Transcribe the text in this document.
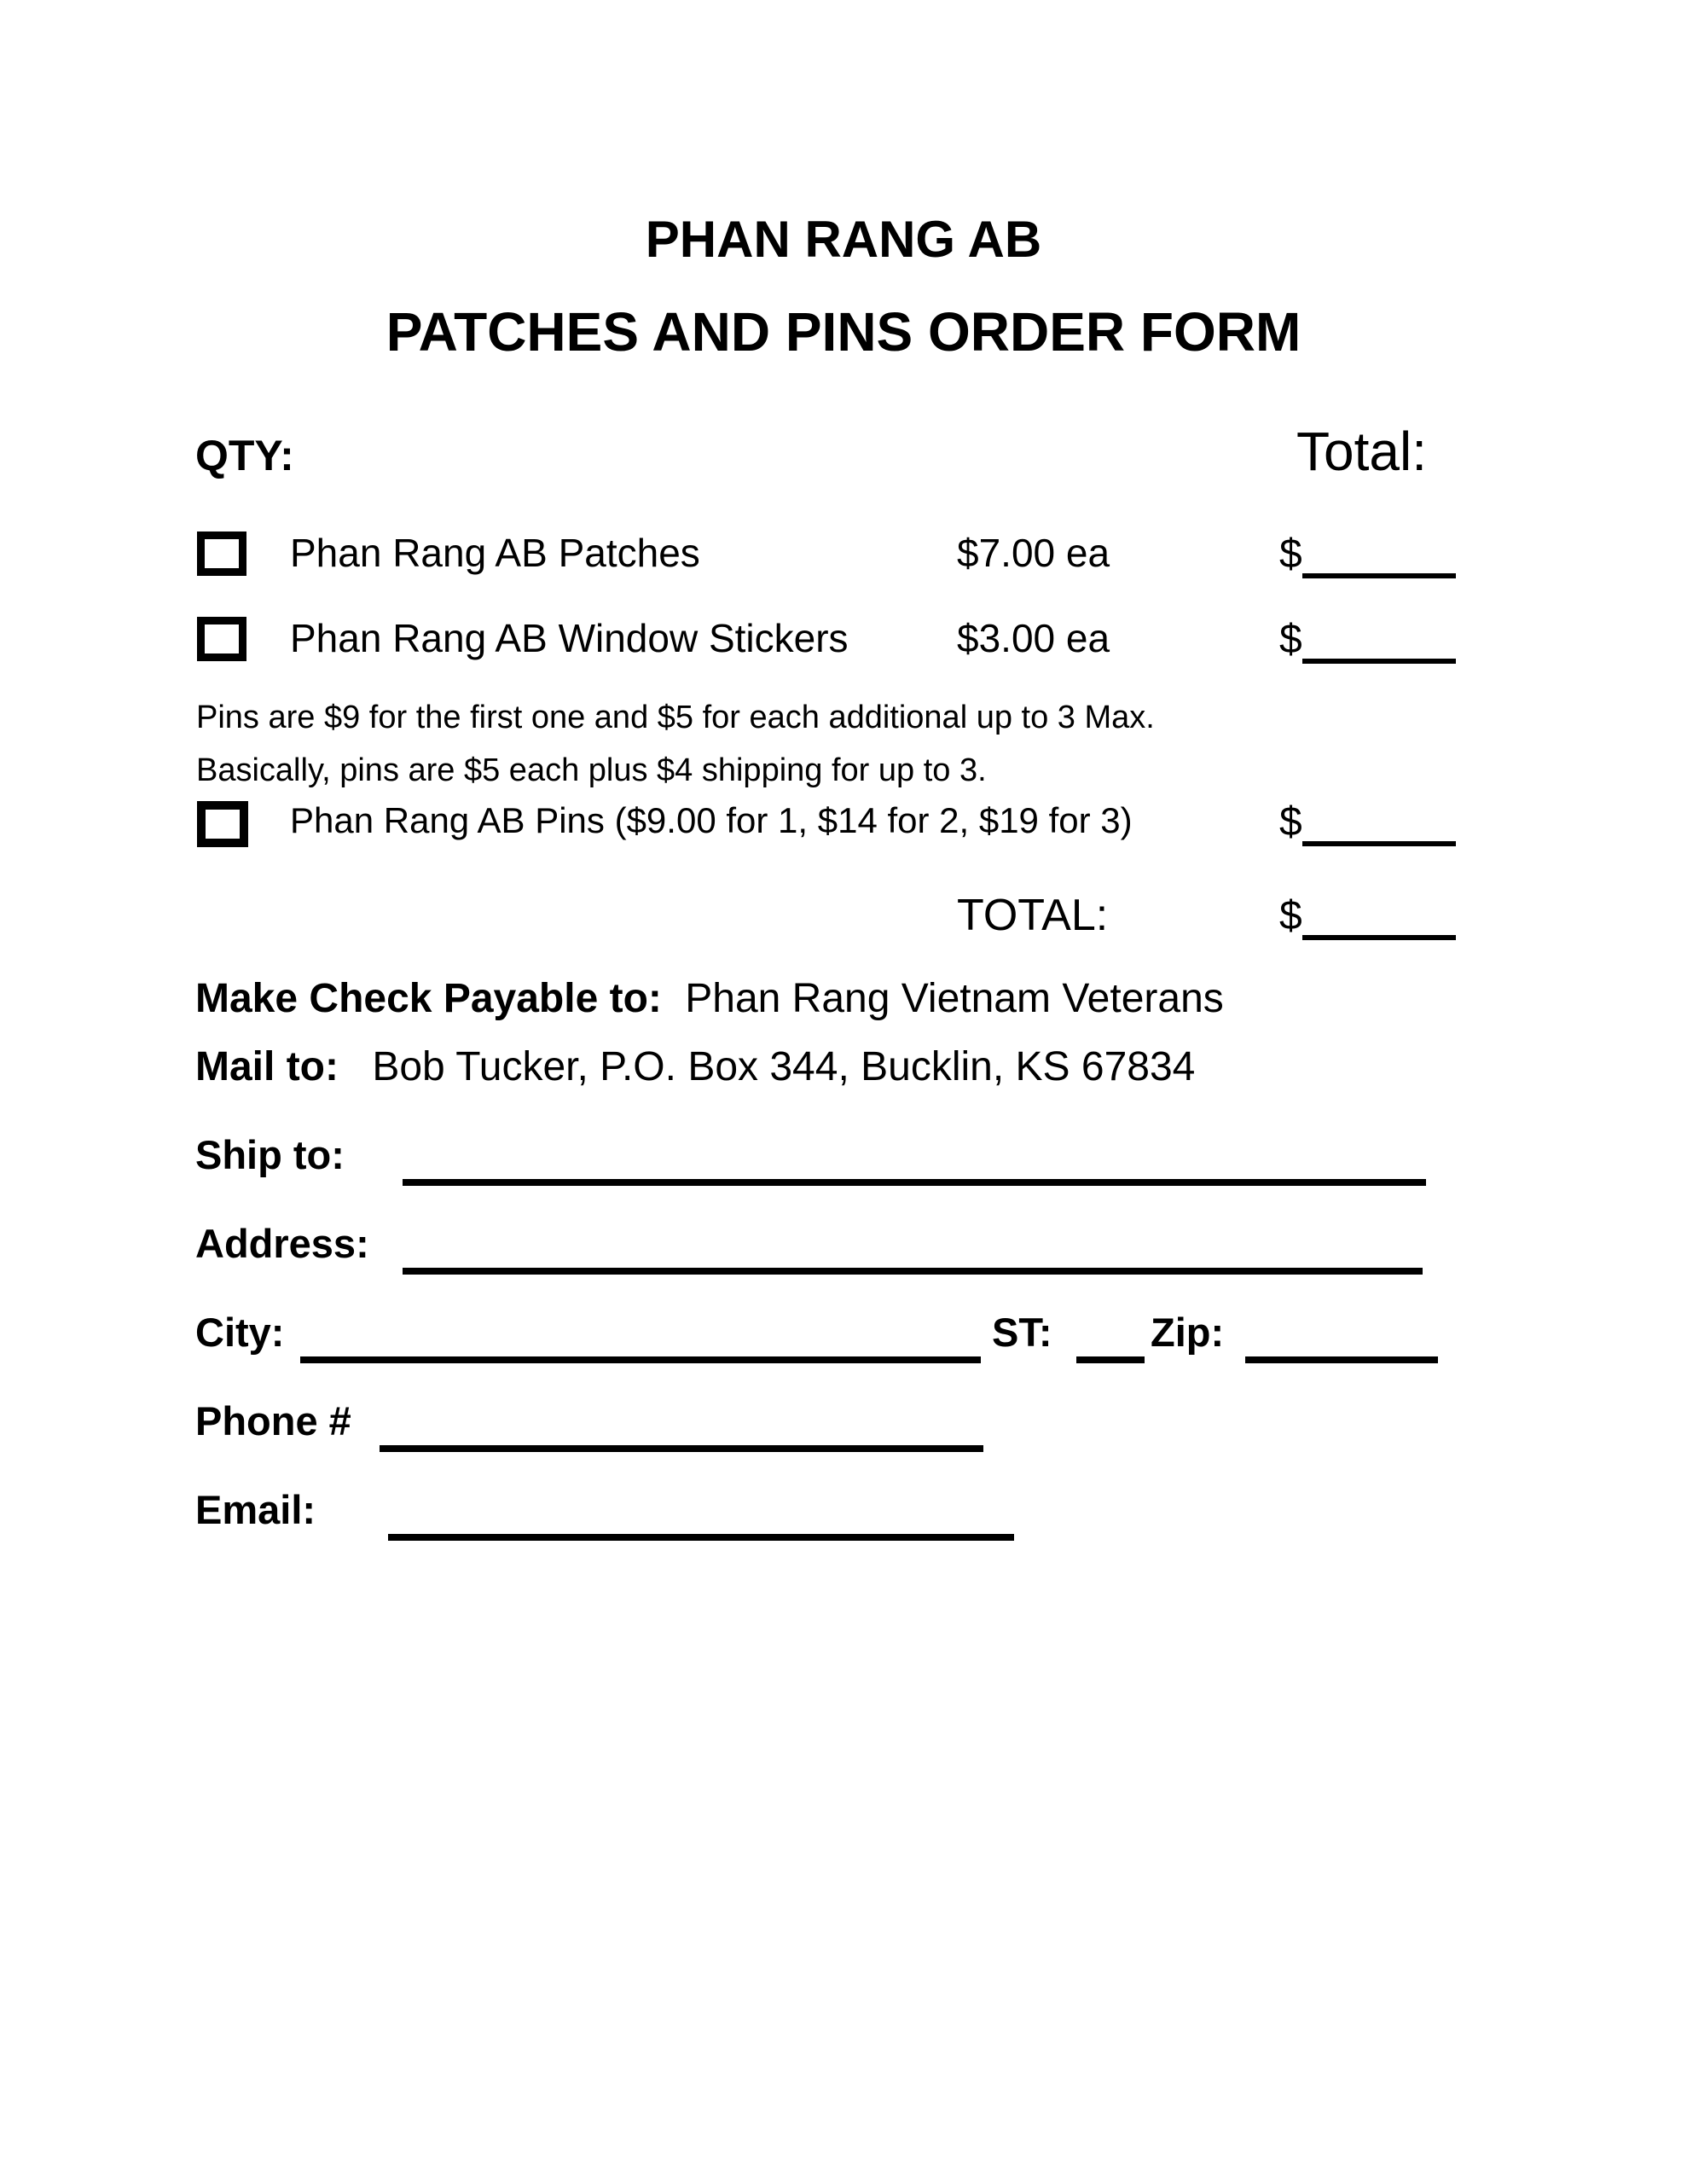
PHAN RANG AB
PATCHES AND PINS ORDER FORM
QTY:	Total:
Phan Rang AB Patches	$7.00 ea	$
Phan Rang AB Window Stickers	$3.00 ea	$
Pins are $9 for the first one and $5 for each additional up to 3 Max.
Basically, pins are $5 each plus $4 shipping for up to 3.
Phan Rang AB Pins ($9.00 for 1, $14 for 2, $19 for 3)	$
TOTAL:	$
Make Check Payable to: Phan Rang Vietnam Veterans
Mail to: Bob Tucker, P.O. Box 344, Bucklin, KS 67834
Ship to:
Address:
City:	ST: Zip:
Phone #
Email:
